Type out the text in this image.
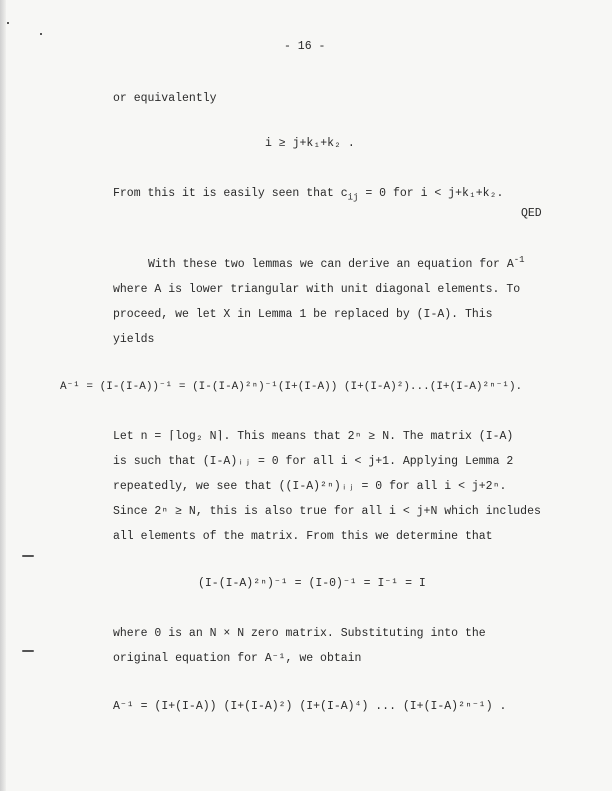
- 16 -
or equivalently
i ≥ j+k₁+k₂ .
From this it is easily seen that $c_{ij} = 0$ for i < j+k₁+k₂.
QED
With these two lemmas we can derive an equation for $A^{-1}$
where A is lower triangular with unit diagonal elements. To
proceed, we let X in Lemma 1 be replaced by (I-A). This
yields
A⁻¹ = (I-(I-A))⁻¹ = (I-(I-A)²ⁿ)⁻¹(I+(I-A)) (I+(I-A)²)...(I+(I-A)²ⁿ⁻¹).
Let n = ⌈log₂ N⌉. This means that 2ⁿ ≥ N. The matrix (I-A)
is such that (I-A)ᵢⱼ = 0 for all i < j+1. Applying Lemma 2
repeatedly, we see that ((I-A)²ⁿ)ᵢⱼ = 0 for all i < j+2ⁿ.
Since 2ⁿ ≥ N, this is also true for all i < j+N which includes
all elements of the matrix. From this we determine that
(I-(I-A)²ⁿ)⁻¹ = (I-0)⁻¹ = I⁻¹ = I
where 0 is an N × N zero matrix. Substituting into the
original equation for A⁻¹, we obtain
A⁻¹ = (I+(I-A)) (I+(I-A)²) (I+(I-A)⁴) ... (I+(I-A)²ⁿ⁻¹) .
